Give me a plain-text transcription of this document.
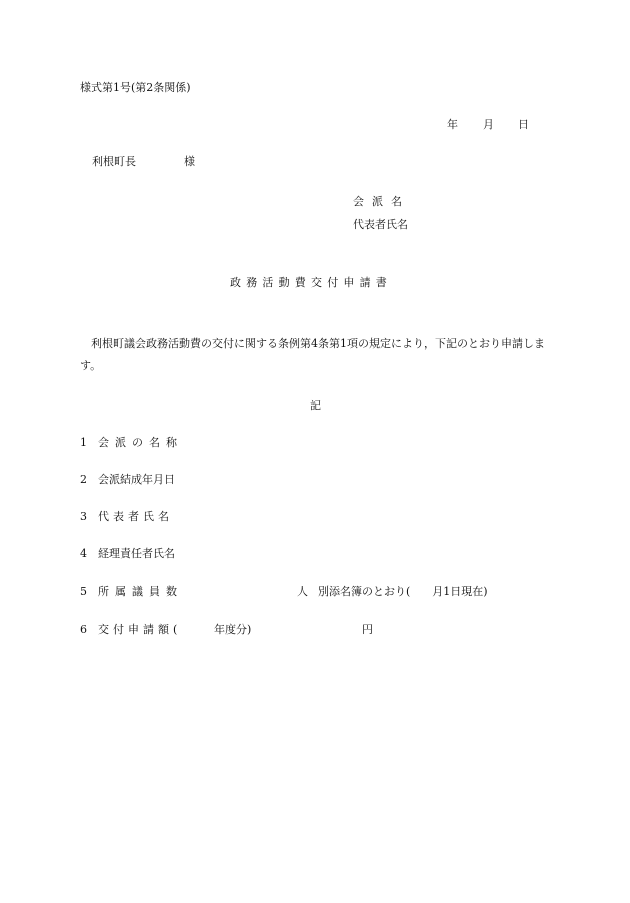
様式第1号(第2条関係)
年 月 日
利根町長	様
会派名
代表者氏名
政務活動費交付申請書
利根町議会政務活動費の交付に関する条例第4条第1項の規定により，下記のとおり申請します。
記
1 会派の名称
2 会派結成年月日
3 代表者氏名
4 経理責任者氏名
5 所属議員数	人 別添名簿のとおり(　　月1日現在)
6 交付申請額(	年度分)	円
